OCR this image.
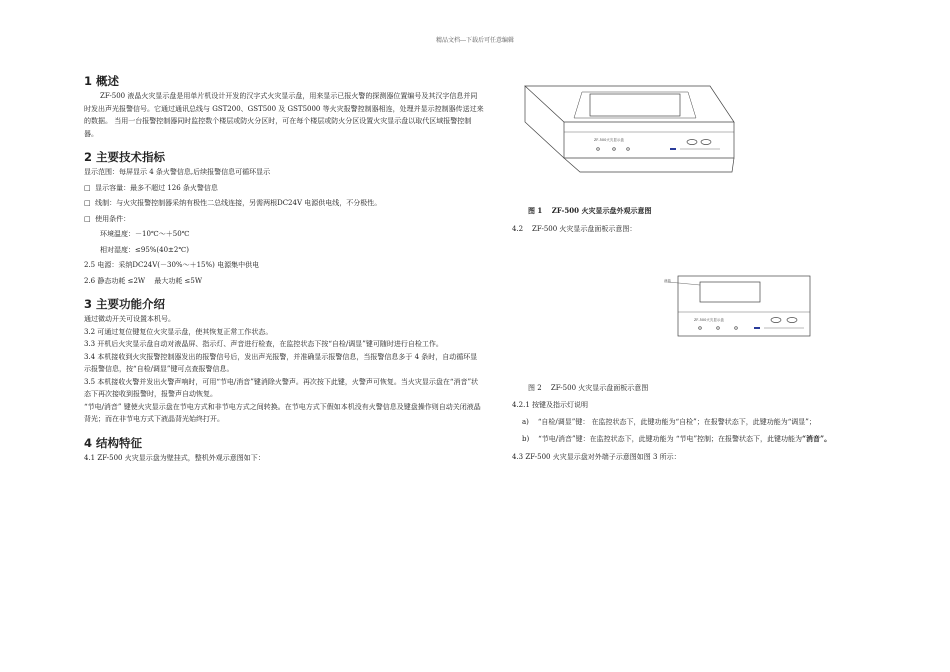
精品文档---下载后可任意编辑
1 概述

ZF-500 液晶火灾显示盘是用单片机设计开发的汉字式火灾显示盘，用来显示已报火警的探测器位置编号及其汉字信息并同时发出声光报警信号。它通过通讯总线与 GST200、GST500 及 GST5000 等火灾报警控制器相连，处理并显示控制器传送过来的数据。 当用一台报警控制器同时监控数个楼层或防火分区时，可在每个楼层或防火分区设置火灾显示盘以取代区域报警控制器。

2 主要技术指标

显示范围：每屏显示 4 条火警信息,后续报警信息可循环显示

□ 显示容量：最多不超过 126 条火警信息

□ 线制：与火灾报警控制器采纳有极性二总线连接，另需两根DC24V 电源供电线，不分极性。

□ 使用条件：

环境温度：－10℃～＋50℃

相对湿度：≤95%(40±2℃)

2.5 电源：采纳DC24V(－30%～＋15%) 电源集中供电

2.6 静态功耗 ≤2W 　最大功耗 ≤5W

3 主要功能介绍

通过微动开关可设置本机号。

3.2 可通过复位键复位火灾显示盘，使其恢复正常工作状态。

3.3 开机后火灾显示盘自动对液晶屏、指示灯、声音进行检查，在监控状态下按“自检/调显”键可随时进行自检工作。

3.4 本机接收到火灾报警控制器发出的报警信号后，发出声光报警，并准确显示报警信息，当报警信息多于 4 条时，自动循环显示报警信息，按“自检/调显”键可点查报警信息。

3.5 本机接收火警并发出火警声响时，可用“节电/消音”键消除火警声。再次按下此键，火警声可恢复。当火灾显示盘在“消音”状态下再次接收到报警时，报警声自动恢复。

“节电/消音” 键使火灾显示盘在节电方式和非节电方式之间转换。在节电方式下假如本机没有火警信息及键盘操作则自动关闭液晶背光；而在非节电方式下液晶背光始终打开。

4 结构特征

4.1 ZF-500 火灾显示盘为壁挂式，整机外观示意图如下：

ZF-500火灾显示盘
图 1 　ZF-500 火灾显示盘外观示意图
4.2 ZF-500 火灾显示盘面板示意图：
液晶
ZF-500火灾显示盘
图 2 　ZF-500 火灾显示盘面板示意图
4.2.1 按键及指示灯说明
a) “自检/调显”键： 在监控状态下，此键功能为“自检”；在报警状态下，此键功能为“调显”；
b) “节电/消音”键：在监控状态下，此键功能为 “节电”控制；在报警状态下，此键功能为“消音”。
4.3 ZF-500 火灾显示盘对外端子示意图如图 3 所示：
